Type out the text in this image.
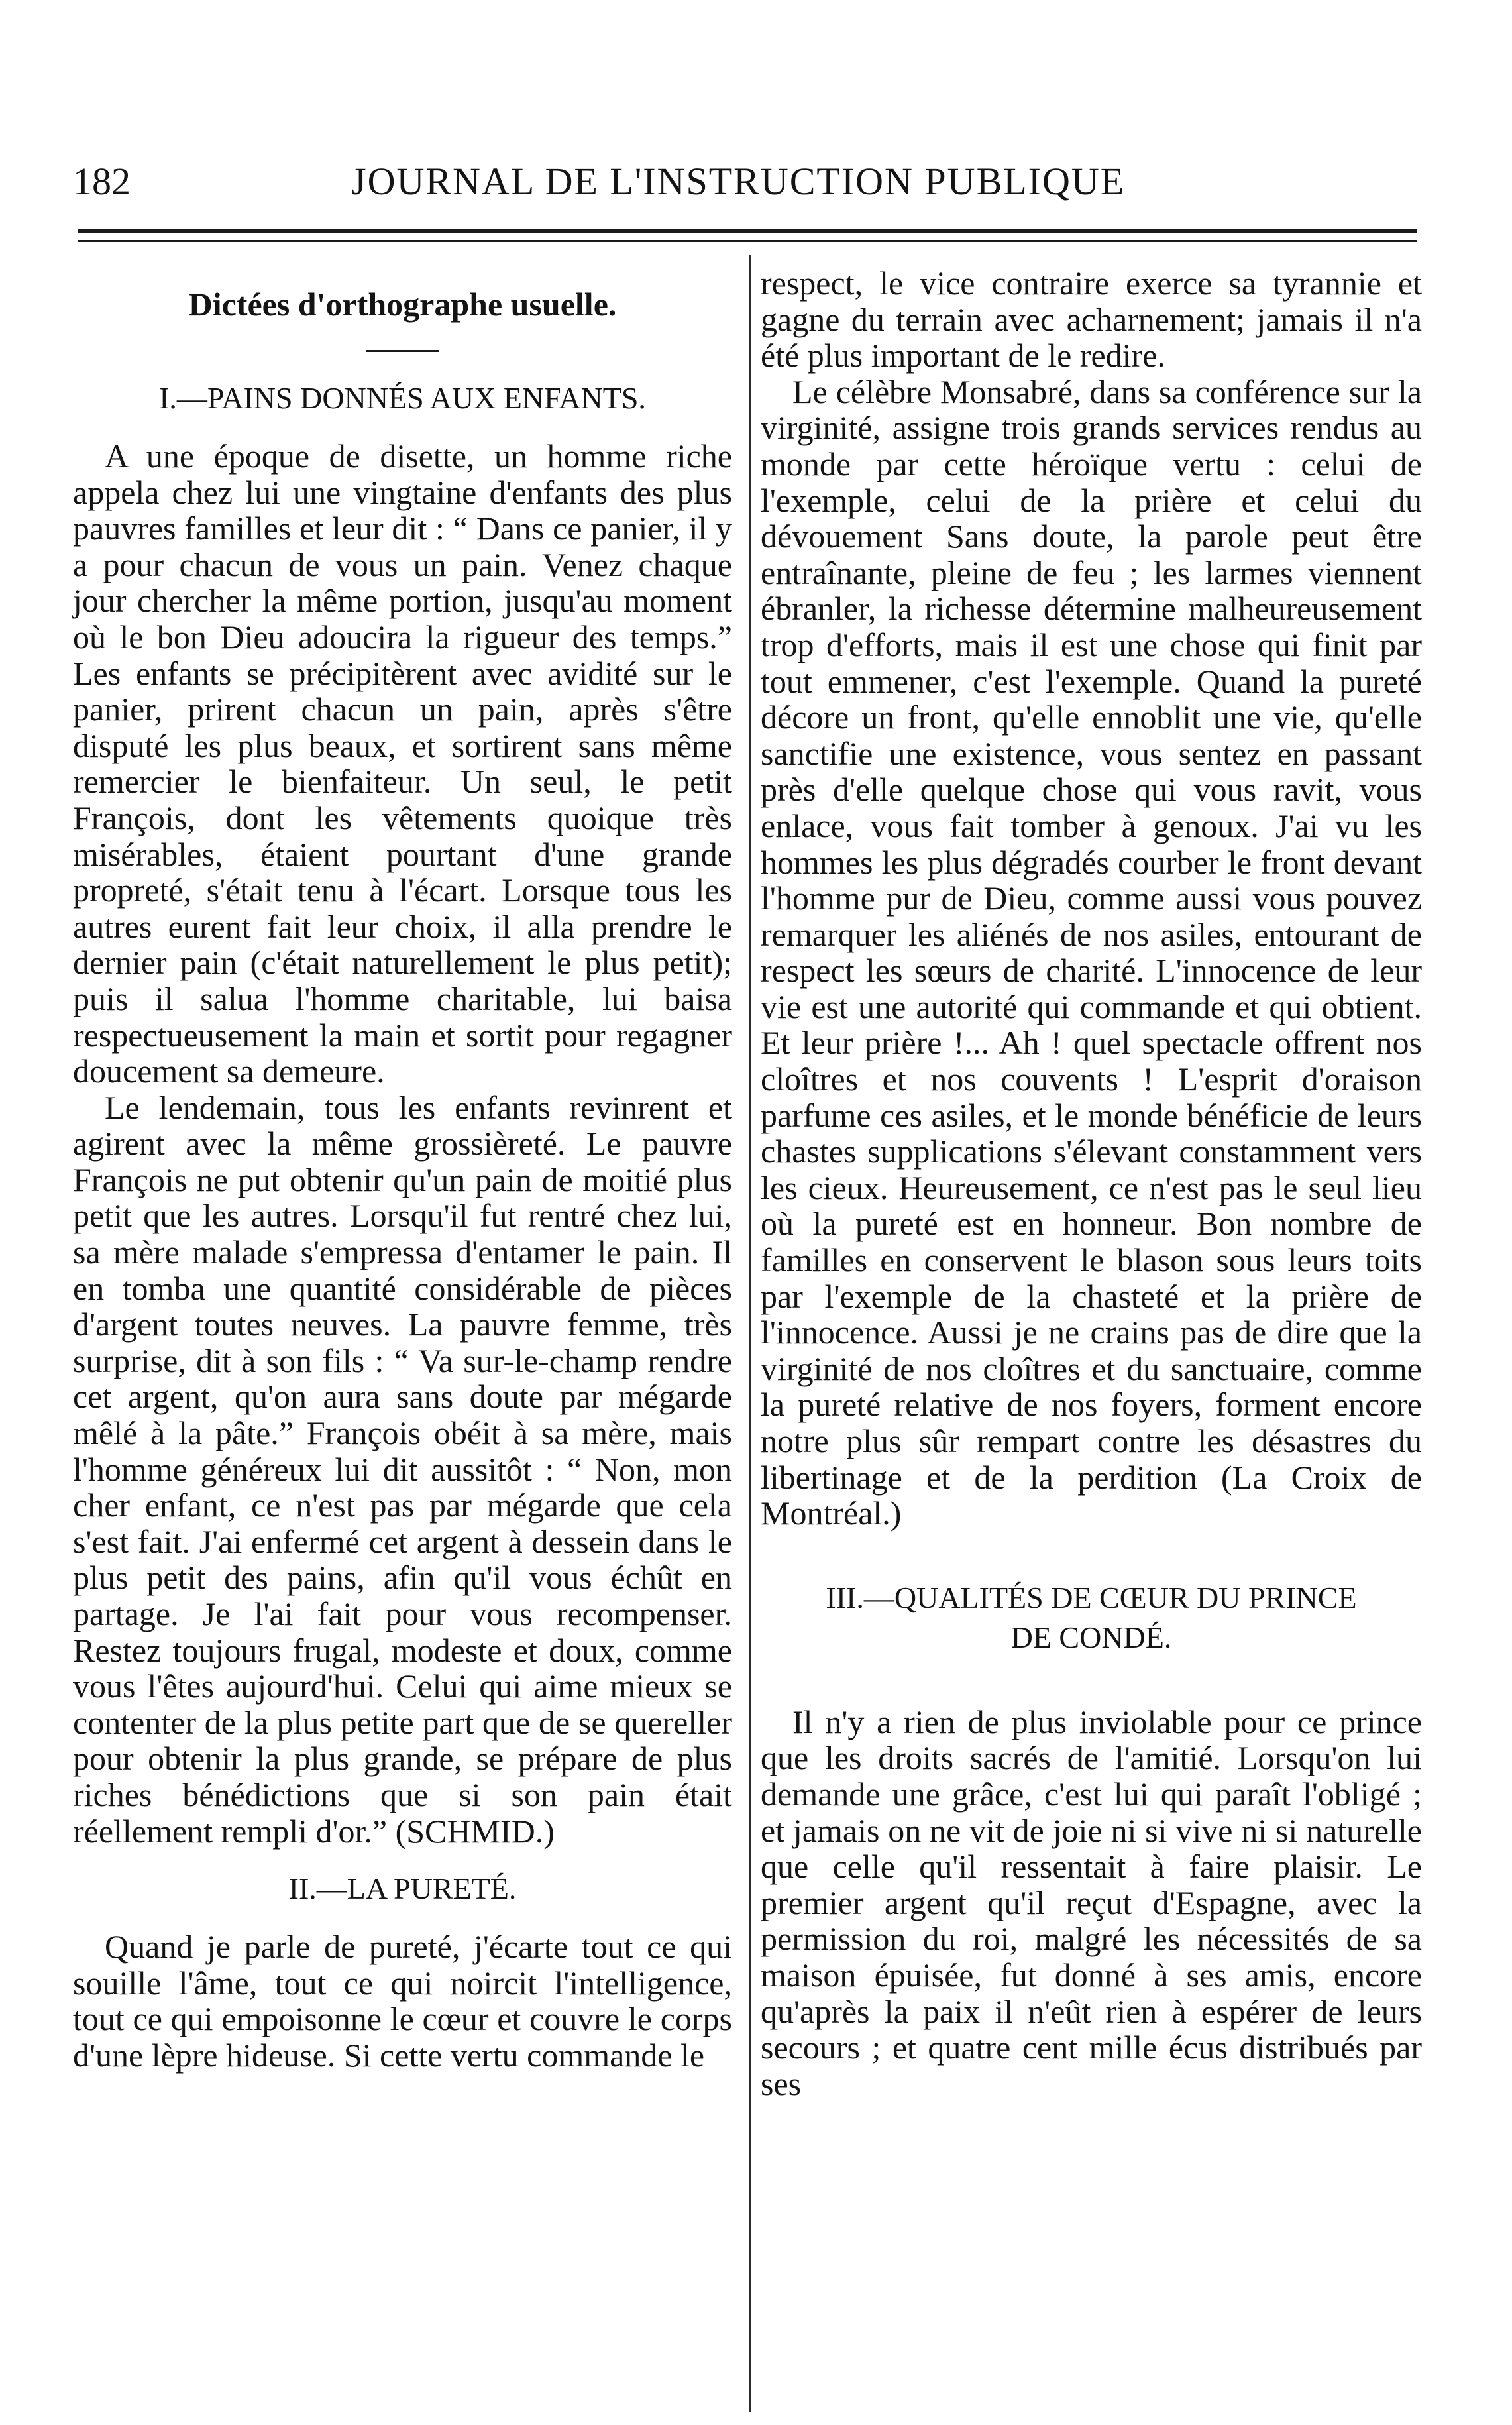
182	JOURNAL DE L'INSTRUCTION PUBLIQUE
Dictées d'orthographe usuelle.
I.—PAINS DONNÉS AUX ENFANTS.

A une époque de disette, un homme riche appela chez lui une vingtaine d'enfants des plus pauvres familles et leur dit : “ Dans ce panier, il y a pour chacun de vous un pain. Venez chaque jour chercher la même portion, jusqu'au moment où le bon Dieu adoucira la rigueur des temps.” Les enfants se précipitèrent avec avidité sur le panier, prirent chacun un pain, après s'être disputé les plus beaux, et sortirent sans même remercier le bienfaiteur. Un seul, le petit François, dont les vêtements quoique très misérables, étaient pourtant d'une grande propreté, s'était tenu à l'écart. Lorsque tous les autres eurent fait leur choix, il alla prendre le dernier pain (c'était naturellement le plus petit); puis il salua l'homme charitable, lui baisa respectueusement la main et sortit pour regagner doucement sa demeure.

Le lendemain, tous les enfants revinrent et agirent avec la même grossièreté. Le pauvre François ne put obtenir qu'un pain de moitié plus petit que les autres. Lorsqu'il fut rentré chez lui, sa mère malade s'empressa d'entamer le pain. Il en tomba une quantité considérable de pièces d'argent toutes neuves. La pauvre femme, très surprise, dit à son fils : “ Va sur-le-champ rendre cet argent, qu'on aura sans doute par mégarde mêlé à la pâte.” François obéit à sa mère, mais l'homme généreux lui dit aussitôt : “ Non, mon cher enfant, ce n'est pas par mégarde que cela s'est fait. J'ai enfermé cet argent à dessein dans le plus petit des pains, afin qu'il vous échût en partage. Je l'ai fait pour vous recompenser. Restez toujours frugal, modeste et doux, comme vous l'êtes aujourd'hui. Celui qui aime mieux se contenter de la plus petite part que de se quereller pour obtenir la plus grande, se prépare de plus riches bénédictions que si son pain était réellement rempli d'or.” (SCHMID.)

II.—LA PURETÉ.

Quand je parle de pureté, j'écarte tout ce qui souille l'âme, tout ce qui noircit l'intelligence, tout ce qui empoisonne le cœur et couvre le corps d'une lèpre hideuse. Si cette vertu commande le

respect, le vice contraire exerce sa tyrannie et gagne du terrain avec acharnement; jamais il n'a été plus important de le redire.

Le célèbre Monsabré, dans sa conférence sur la virginité, assigne trois grands services rendus au monde par cette héroïque vertu : celui de l'exemple, celui de la prière et celui du dévouement Sans doute, la parole peut être entraînante, pleine de feu ; les larmes viennent ébranler, la richesse détermine malheureusement trop d'efforts, mais il est une chose qui finit par tout emmener, c'est l'exemple. Quand la pureté décore un front, qu'elle ennoblit une vie, qu'elle sanctifie une existence, vous sentez en passant près d'elle quelque chose qui vous ravit, vous enlace, vous fait tomber à genoux. J'ai vu les hommes les plus dégradés courber le front devant l'homme pur de Dieu, comme aussi vous pouvez remarquer les aliénés de nos asiles, entourant de respect les sœurs de charité. L'innocence de leur vie est une autorité qui commande et qui obtient. Et leur prière !... Ah ! quel spectacle offrent nos cloîtres et nos couvents ! L'esprit d'oraison parfume ces asiles, et le monde bénéficie de leurs chastes supplications s'élevant constamment vers les cieux. Heureusement, ce n'est pas le seul lieu où la pureté est en honneur. Bon nombre de familles en conservent le blason sous leurs toits par l'exemple de la chasteté et la prière de l'innocence. Aussi je ne crains pas de dire que la virginité de nos cloîtres et du sanctuaire, comme la pureté relative de nos foyers, forment encore notre plus sûr rempart contre les désastres du libertinage et de la perdition (La Croix de Montréal.)

III.—QUALITÉS DE CŒUR DU PRINCE
DE CONDÉ.

Il n'y a rien de plus inviolable pour ce prince que les droits sacrés de l'amitié. Lorsqu'on lui demande une grâce, c'est lui qui paraît l'obligé ; et jamais on ne vit de joie ni si vive ni si naturelle que celle qu'il ressentait à faire plaisir. Le premier argent qu'il reçut d'Espagne, avec la permission du roi, malgré les nécessités de sa maison épuisée, fut donné à ses amis, encore qu'après la paix il n'eût rien à espérer de leurs secours ; et quatre cent mille écus distribués par ses
